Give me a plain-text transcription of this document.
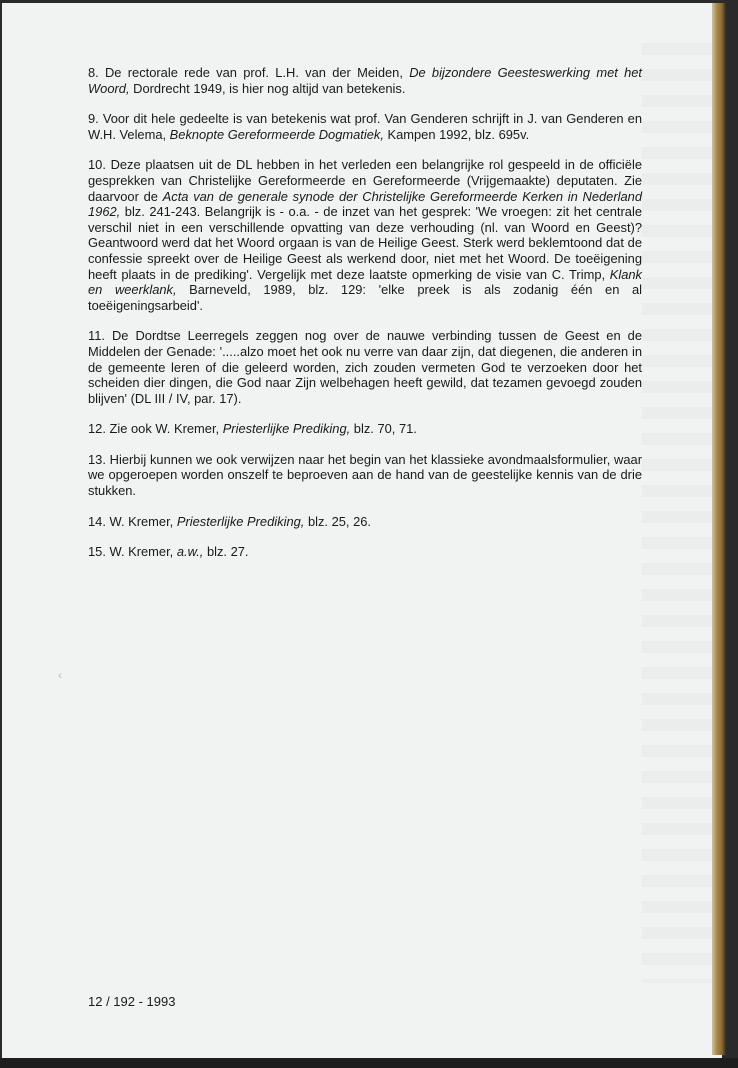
8. De rectorale rede van prof. L.H. van der Meiden, De bijzondere Geesteswerking met het Woord, Dordrecht 1949, is hier nog altijd van betekenis.

9. Voor dit hele gedeelte is van betekenis wat prof. Van Genderen schrijft in J. van Genderen en W.H. Velema, Beknopte Gereformeerde Dogmatiek, Kampen 1992, blz. 695v.

10. Deze plaatsen uit de DL hebben in het verleden een belangrijke rol gespeeld in de officiële gesprekken van Christelijke Gereformeerde en Gereformeerde (Vrijgemaakte) deputaten. Zie daarvoor de Acta van de generale synode der Christelijke Gereformeerde Kerken in Nederland 1962, blz. 241-243. Belangrijk is - o.a. - de inzet van het gesprek: 'We vroegen: zit het centrale verschil niet in een verschillende opvatting van deze verhouding (nl. van Woord en Geest)? Geantwoord werd dat het Woord orgaan is van de Heilige Geest. Sterk werd beklemtoond dat de confessie spreekt over de Heilige Geest als werkend door, niet met het Woord. De toeëigening heeft plaats in de prediking'. Vergelijk met deze laatste opmerking de visie van C. Trimp, Klank en weerklank, Barneveld, 1989, blz. 129: 'elke preek is als zodanig één en al toeëigeningsarbeid'.

11. De Dordtse Leerregels zeggen nog over de nauwe verbinding tussen de Geest en de Middelen der Genade: '.....alzo moet het ook nu verre van daar zijn, dat diegenen, die anderen in de gemeente leren of die geleerd worden, zich zouden vermeten God te verzoeken door het scheiden dier dingen, die God naar Zijn welbehagen heeft gewild, dat tezamen gevoegd zouden blijven' (DL III / IV, par. 17).

12. Zie ook W. Kremer, Priesterlijke Prediking, blz. 70, 71.

13. Hierbij kunnen we ook verwijzen naar het begin van het klassieke avondmaalsformulier, waar we opgeroepen worden onszelf te beproeven aan de hand van de geestelijke kennis van de drie stukken.

14. W. Kremer, Priesterlijke Prediking, blz. 25, 26.

15. W. Kremer, a.w., blz. 27.

‹
12 / 192 - 1993
